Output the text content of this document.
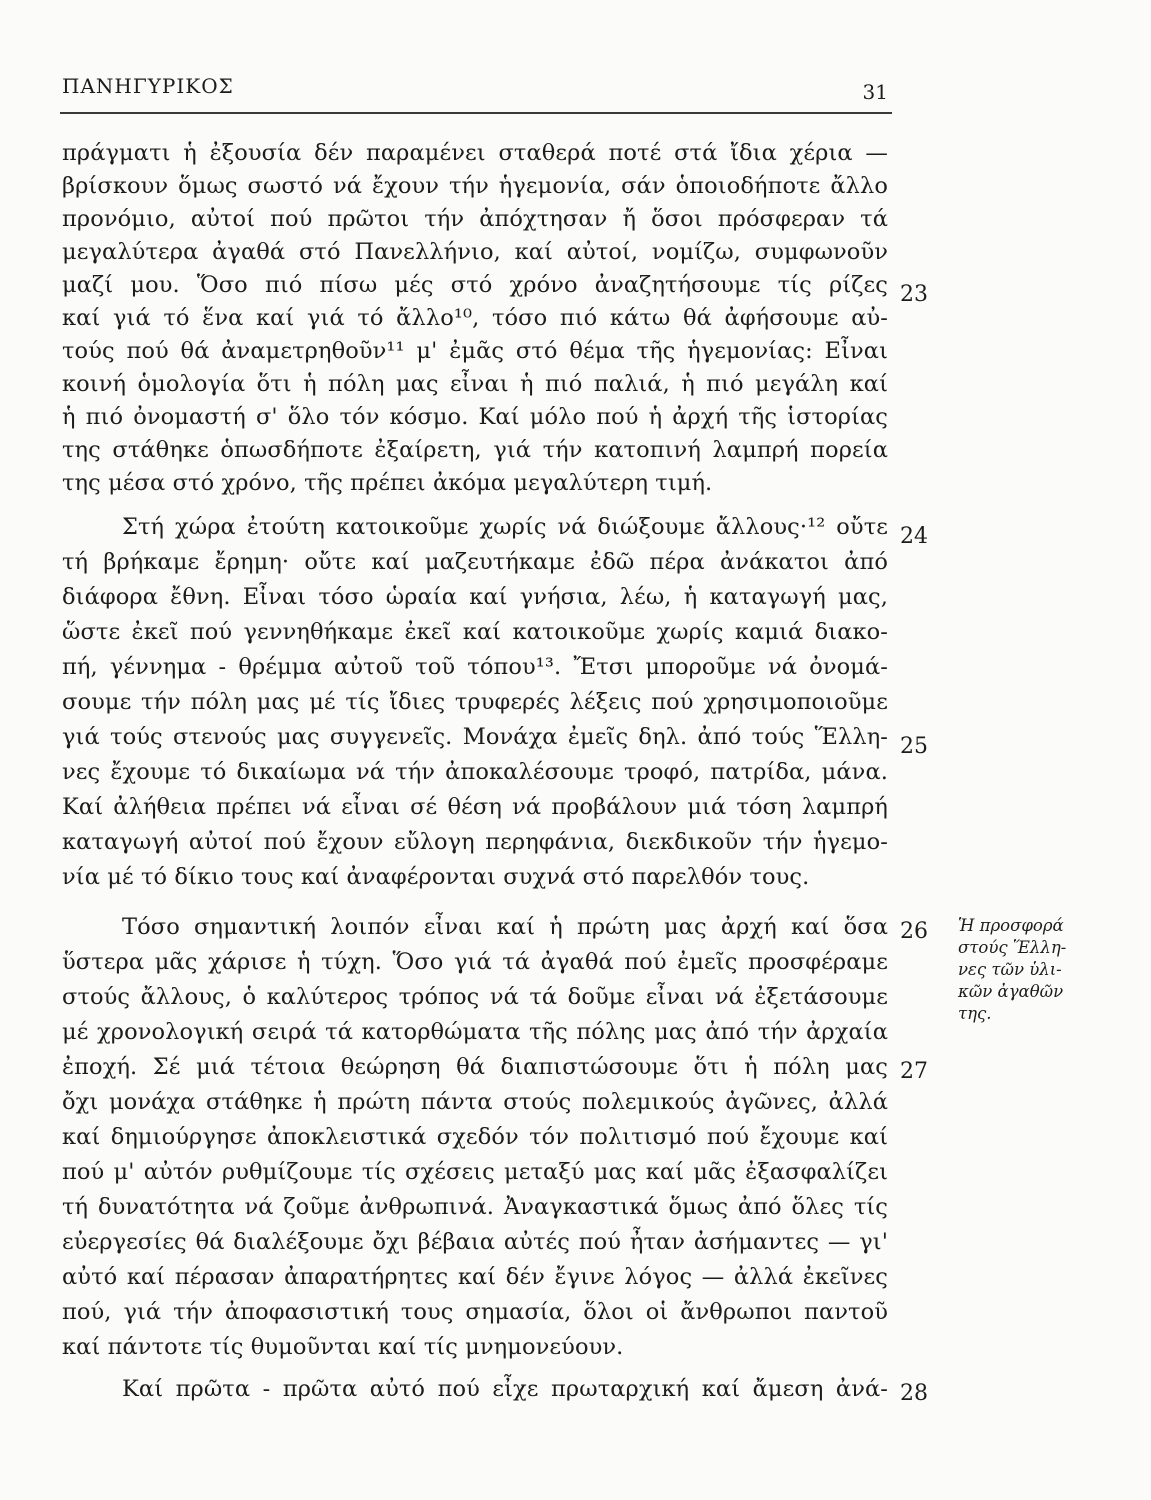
ΠΑΝΗΓΥΡΙΚΟΣ	31
πράγματι ἡ ἐξουσία δέν παραμένει σταθερά ποτέ στά ἴδια χέρια —
βρίσκουν ὅμως σωστό νά ἔχουν τήν ἡγεμονία, σάν ὁποιοδήποτε ἄλλο
προνόμιο, αὐτοί πού πρῶτοι τήν ἀπόχτησαν ἤ ὅσοι πρόσφεραν τά
μεγαλύτερα ἀγαθά στό Πανελλήνιο, καί αὐτοί, νομίζω, συμφωνοῦν
μαζί μου. Ὅσο πιό πίσω μές στό χρόνο ἀναζητήσουμε τίς ρίζες
καί γιά τό ἕνα καί γιά τό ἄλλο¹⁰, τόσο πιό κάτω θά ἀφήσουμε αὐ-
τούς πού θά ἀναμετρηθοῦν¹¹ μ' ἐμᾶς στό θέμα τῆς ἡγεμονίας: Εἶναι
κοινή ὁμολογία ὅτι ἡ πόλη μας εἶναι ἡ πιό παλιά, ἡ πιό μεγάλη καί
ἡ πιό ὀνομαστή σ' ὅλο τόν κόσμο. Καί μόλο πού ἡ ἀρχή τῆς ἱστορίας
της στάθηκε ὁπωσδήποτε ἐξαίρετη, γιά τήν κατοπινή λαμπρή πορεία
της μέσα στό χρόνο, τῆς πρέπει ἀκόμα μεγαλύτερη τιμή.
Στή χώρα ἐτούτη κατοικοῦμε χωρίς νά διώξουμε ἄλλους·¹² οὔτε
τή βρήκαμε ἔρημη· οὔτε καί μαζευτήκαμε ἐδῶ πέρα ἀνάκατοι ἀπό
διάφορα ἔθνη. Εἶναι τόσο ὡραία καί γνήσια, λέω, ἡ καταγωγή μας,
ὥστε ἐκεῖ πού γεννηθήκαμε ἐκεῖ καί κατοικοῦμε χωρίς καμιά διακο-
πή, γέννημα - θρέμμα αὐτοῦ τοῦ τόπου¹³. Ἔτσι μποροῦμε νά ὀνομά-
σουμε τήν πόλη μας μέ τίς ἴδιες τρυφερές λέξεις πού χρησιμοποιοῦμε
γιά τούς στενούς μας συγγενεῖς. Μονάχα ἐμεῖς δηλ. ἀπό τούς Ἕλλη-
νες ἔχουμε τό δικαίωμα νά τήν ἀποκαλέσουμε τροφό, πατρίδα, μάνα.
Καί ἀλήθεια πρέπει νά εἶναι σέ θέση νά προβάλουν μιά τόση λαμπρή
καταγωγή αὐτοί πού ἔχουν εὔλογη περηφάνια, διεκδικοῦν τήν ἡγεμο-
νία μέ τό δίκιο τους καί ἀναφέρονται συχνά στό παρελθόν τους.
Τόσο σημαντική λοιπόν εἶναι καί ἡ πρώτη μας ἀρχή καί ὅσα
ὕστερα μᾶς χάρισε ἡ τύχη. Ὅσο γιά τά ἀγαθά πού ἐμεῖς προσφέραμε
στούς ἄλλους, ὁ καλύτερος τρόπος νά τά δοῦμε εἶναι νά ἐξετάσουμε
μέ χρονολογική σειρά τά κατορθώματα τῆς πόλης μας ἀπό τήν ἀρχαία
ἐποχή. Σέ μιά τέτοια θεώρηση θά διαπιστώσουμε ὅτι ἡ πόλη μας
ὄχι μονάχα στάθηκε ἡ πρώτη πάντα στούς πολεμικούς ἀγῶνες, ἀλλά
καί δημιούργησε ἀποκλειστικά σχεδόν τόν πολιτισμό πού ἔχουμε καί
πού μ' αὐτόν ρυθμίζουμε τίς σχέσεις μεταξύ μας καί μᾶς ἐξασφαλίζει
τή δυνατότητα νά ζοῦμε ἀνθρωπινά. Ἀναγκαστικά ὅμως ἀπό ὅλες τίς
εὐεργεσίες θά διαλέξουμε ὄχι βέβαια αὐτές πού ἦταν ἀσήμαντες — γι'
αὐτό καί πέρασαν ἀπαρατήρητες καί δέν ἔγινε λόγος — ἀλλά ἐκεῖνες
πού, γιά τήν ἀποφασιστική τους σημασία, ὅλοι οἱ ἄνθρωποι παντοῦ
καί πάντοτε τίς θυμοῦνται καί τίς μνημονεύουν.
Καί πρῶτα - πρῶτα αὐτό πού εἶχε πρωταρχική καί ἄμεση ἀνά-
23
24
25
26
27
28
Ἡ προσφορά
στούς Ἕλλη-
νες τῶν ὑλι-
κῶν ἀγαθῶν
της.
